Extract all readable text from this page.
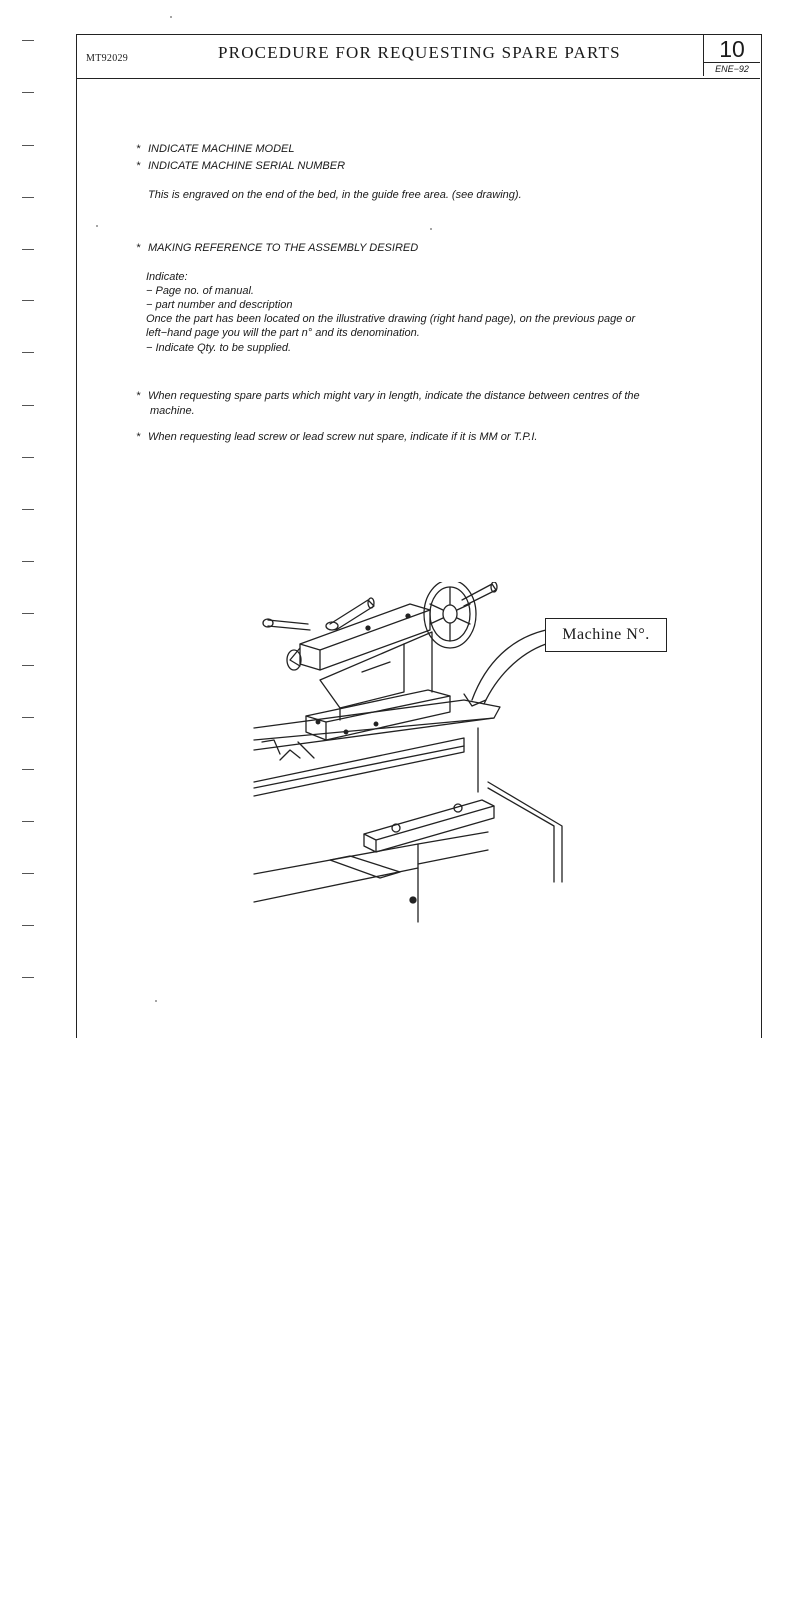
MT92029	PROCEDURE FOR REQUESTING SPARE PARTS	10
ENE−92
* INDICATE MACHINE MODEL
* INDICATE MACHINE SERIAL NUMBER
This is engraved on the end of the bed, in the guide free area. (see drawing).
* MAKING REFERENCE TO THE ASSEMBLY DESIRED
Indicate:
− Page no. of manual.
− part number and description
Once the part has been located on the illustrative drawing (right hand page), on the previous page or
left−hand page you will the part n° and its denomination.
− Indicate Qty. to be supplied.
* When requesting spare parts which might vary in length, indicate the distance between centres of the
machine.
* When requesting lead screw or lead screw nut spare, indicate if it is MM or T.P.I.
Machine N°.
